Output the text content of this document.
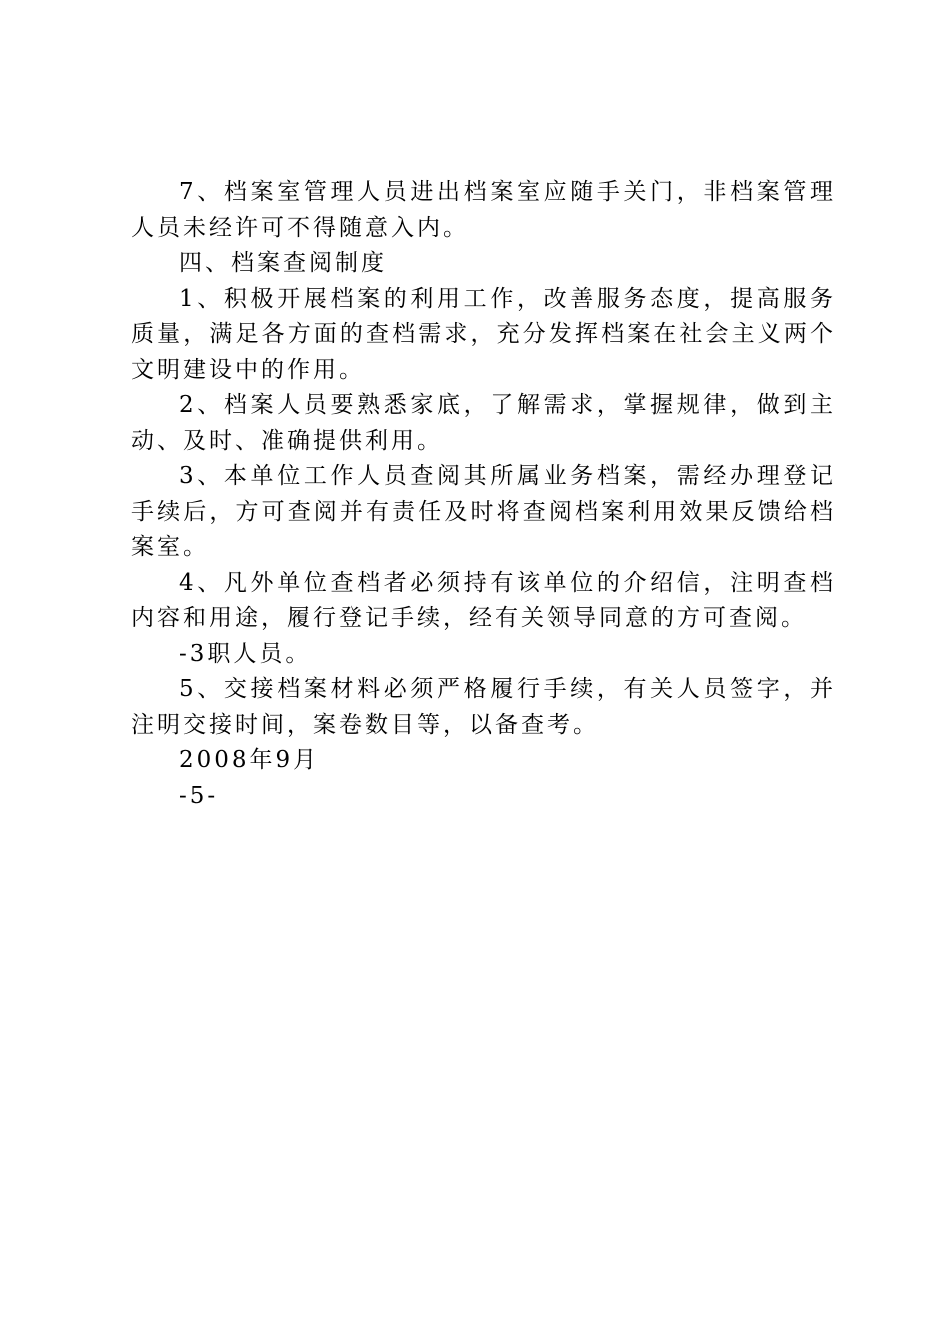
7、档案室管理人员进出档案室应随手关门，非档案管理人员未经许可不得随意入内。

四、档案查阅制度

1、积极开展档案的利用工作，改善服务态度，提高服务质量，满足各方面的查档需求，充分发挥档案在社会主义两个文明建设中的作用。

2、档案人员要熟悉家底，了解需求，掌握规律，做到主动、及时、准确提供利用。

3、本单位工作人员查阅其所属业务档案，需经办理登记手续后，方可查阅并有责任及时将查阅档案利用效果反馈给档案室。

4、凡外单位查档者必须持有该单位的介绍信，注明查档内容和用途，履行登记手续，经有关领导同意的方可查阅。

-3职人员。

5、交接档案材料必须严格履行手续，有关人员签字，并注明交接时间，案卷数目等，以备查考。

2008年9月

-5-
